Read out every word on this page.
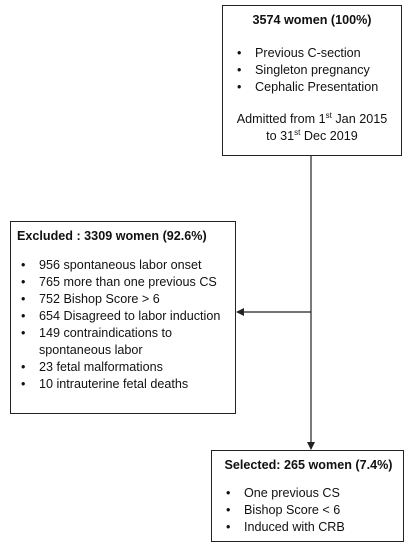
3574 women (100%)

• Previous C-section
• Singleton pregnancy
• Cephalic Presentation
Admitted from 1st Jan 2015
to 31st Dec 2019

Excluded : 3309 women (92.6%)

• 956 spontaneous labor onset
• 765 more than one previous CS
• 752 Bishop Score > 6
• 654 Disagreed to labor induction
• 149 contraindications to spontaneous labor
• 23 fetal malformations
• 10 intrauterine fetal deaths

Selected: 265 women (7.4%)

• One previous CS
• Bishop Score < 6
• Induced with CRB
